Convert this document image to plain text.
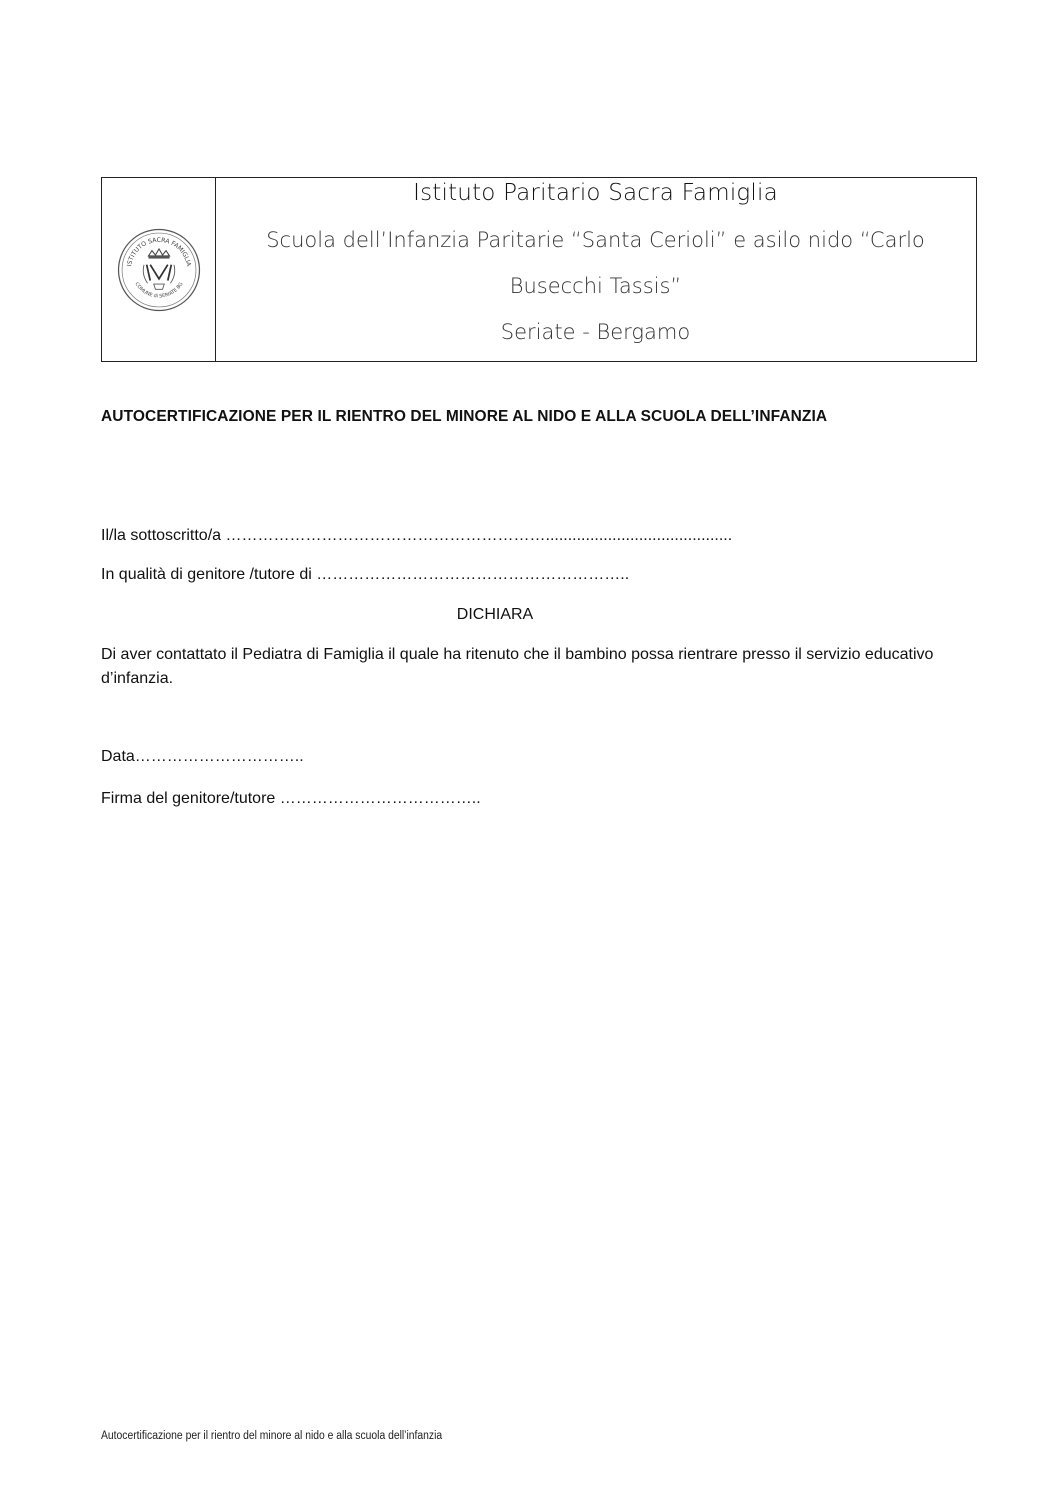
ISTITUTO SACRA FAMIGLIA
COMUNE di SERIATE BG
Istituto Paritario Sacra Famiglia
Scuola dell’Infanzia Paritarie “Santa Cerioli” e asilo nido “Carlo
Busecchi Tassis”
Seriate - Bergamo
AUTOCERTIFICAZIONE PER IL RIENTRO DEL MINORE AL NIDO E ALLA SCUOLA DELL’INFANZIA
Il/la sottoscritto/a ……………………………………………………..........................................
In qualità di genitore /tutore di …………………………………………………..
DICHIARA
Di aver contattato il Pediatra di Famiglia il quale ha ritenuto che il bambino possa rientrare presso il servizio educativo d’infanzia.
Data…………………………..
Firma del genitore/tutore ………………………………..
Autocertificazione per il rientro del minore al nido e alla scuola dell’infanzia
